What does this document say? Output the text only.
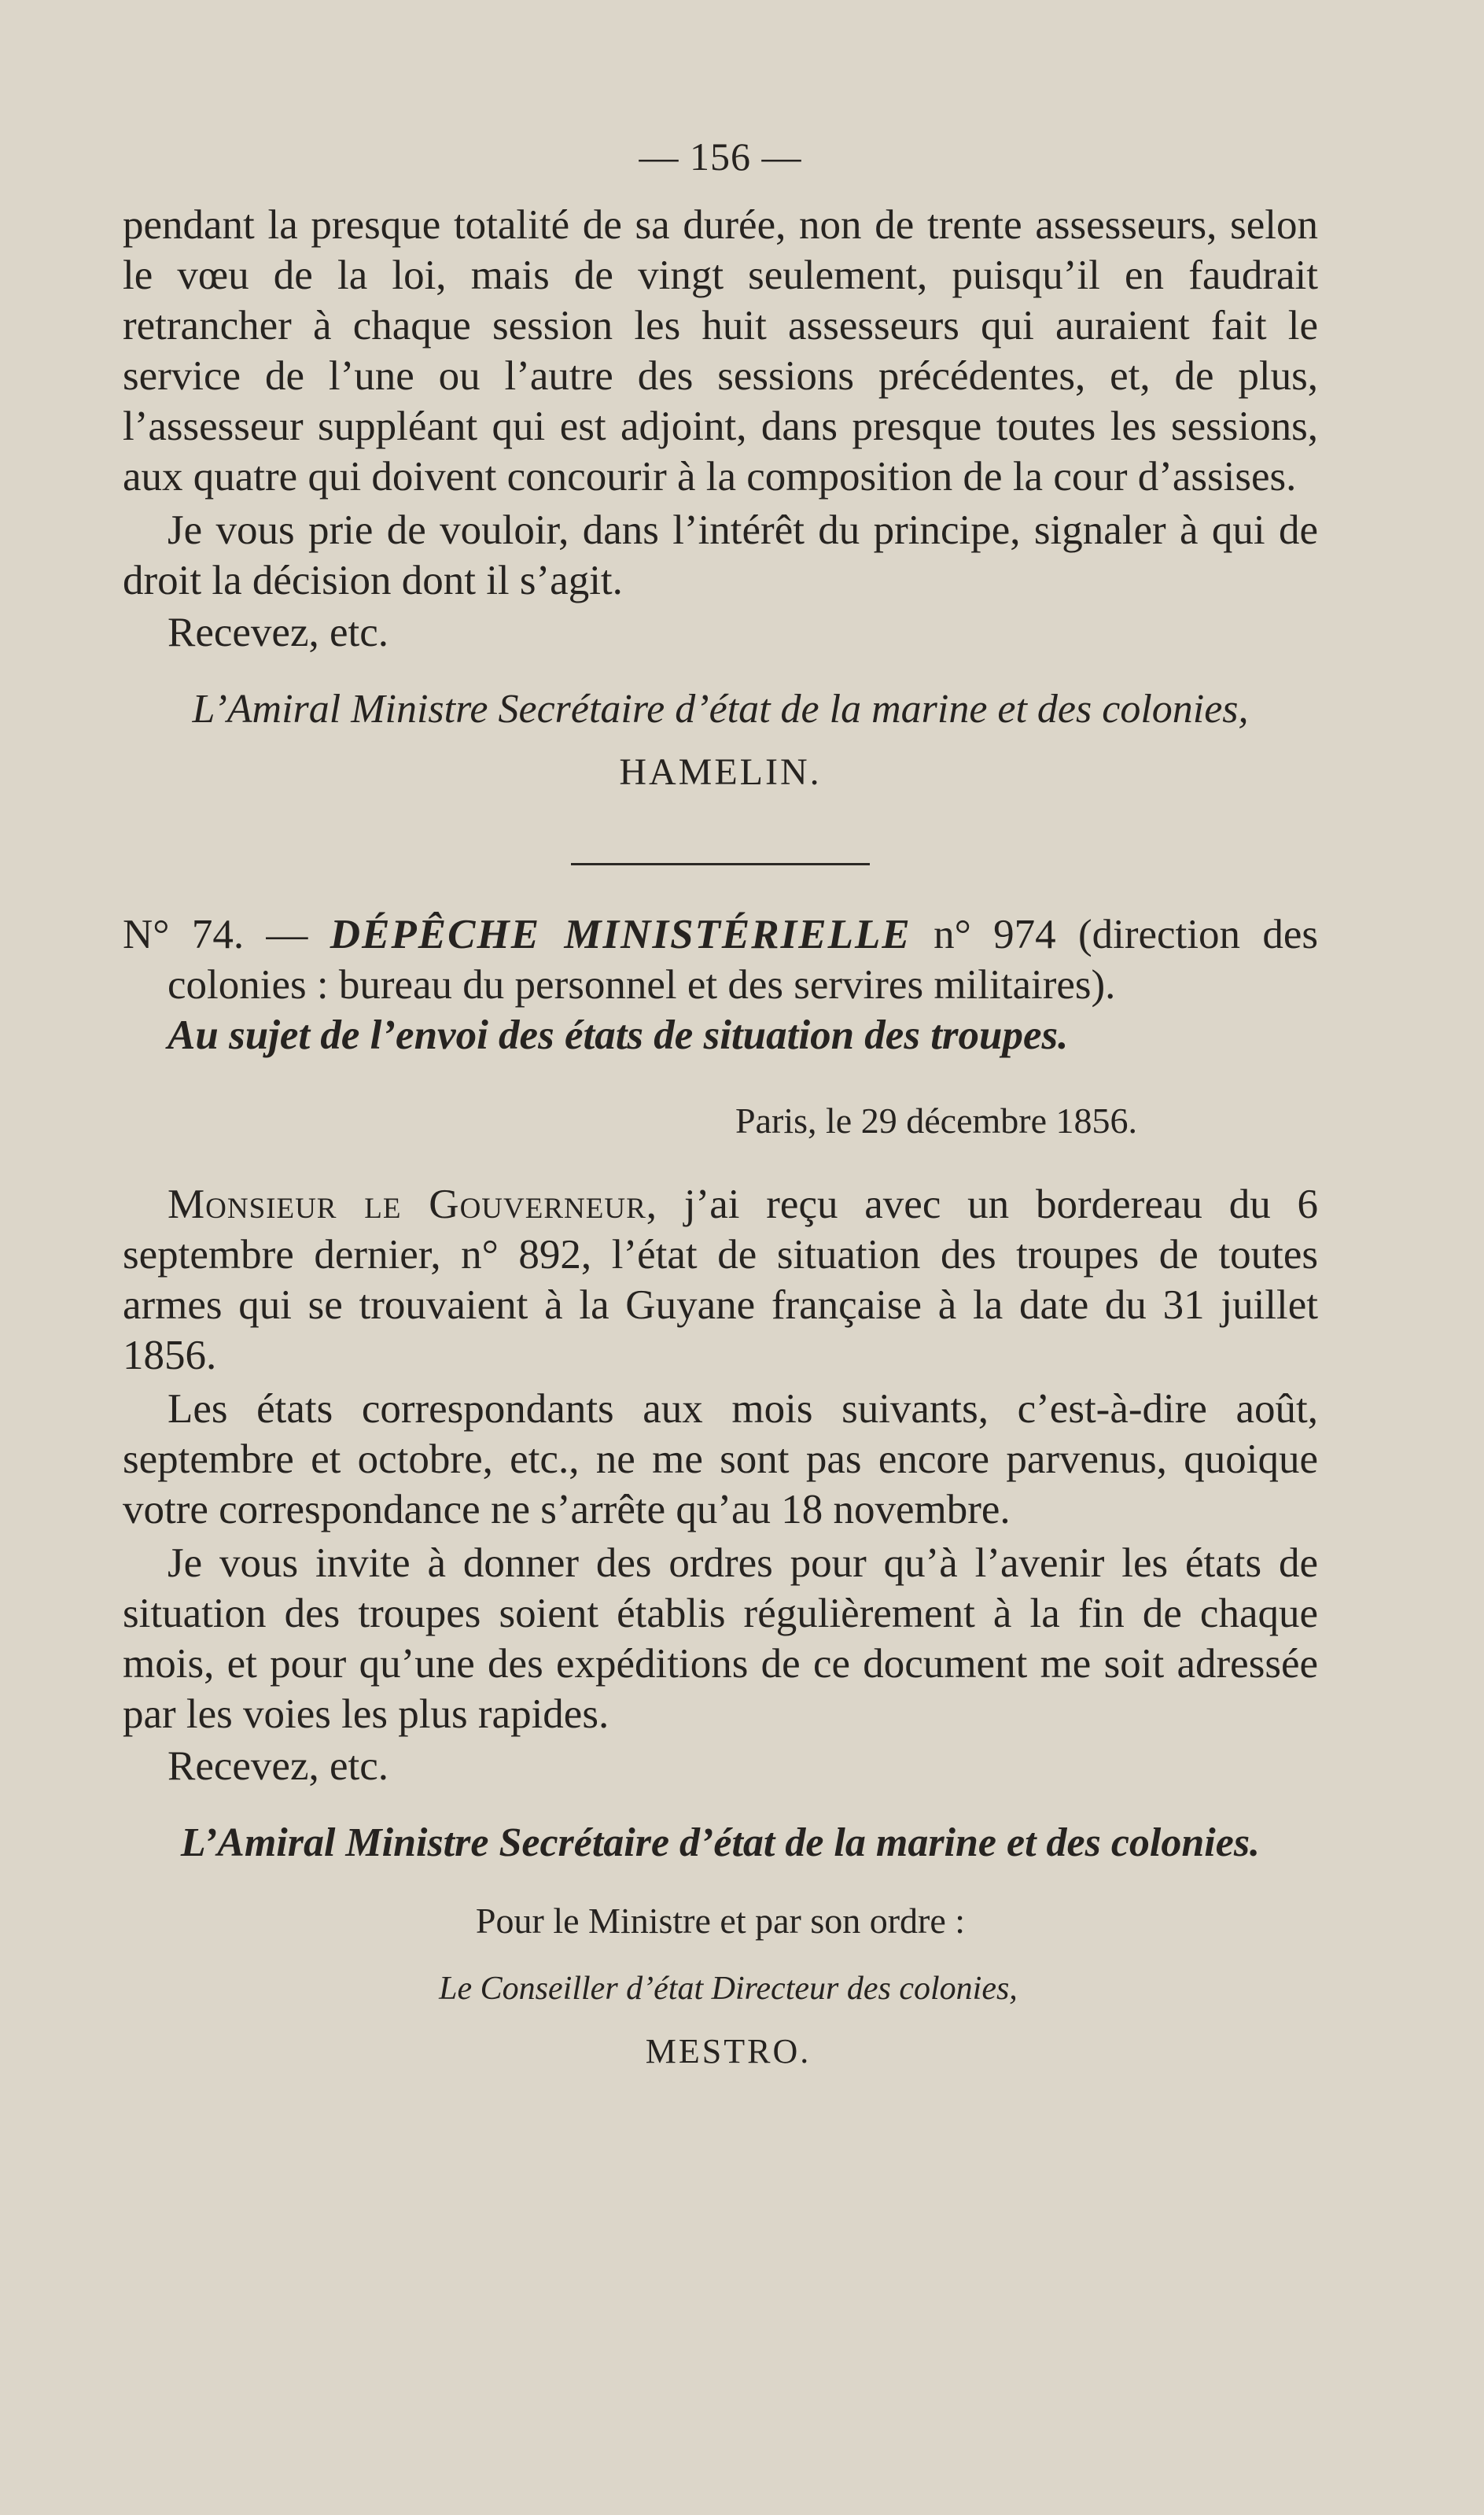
— 156 —

pendant la presque totalité de sa durée, non de trente assesseurs, selon le vœu de la loi, mais de vingt seulement, puisqu’il en faudrait retrancher à chaque session les huit assesseurs qui auraient fait le service de l’une ou l’autre des sessions précédentes, et, de plus, l’assesseur suppléant qui est adjoint, dans presque toutes les sessions, aux quatre qui doivent concourir à la composition de la cour d’assises.

Je vous prie de vouloir, dans l’intérêt du principe, signaler à qui de droit la décision dont il s’agit.

Recevez, etc.

L’Amiral Ministre Secrétaire d’état de la marine et des colonies,

HAMELIN.

N° 74. — DÉPÊCHE MINISTÉRIELLE n° 974 (direction des colonies : bureau du personnel et des servires militaires).
Au sujet de l’envoi des états de situation des troupes.

Paris, le 29 décembre 1856.

Monsieur le Gouverneur, j’ai reçu avec un bordereau du 6 septembre dernier, n° 892, l’état de situation des troupes de toutes armes qui se trouvaient à la Guyane française à la date du 31 juillet 1856.

Les états correspondants aux mois suivants, c’est-à-dire août, septembre et octobre, etc., ne me sont pas encore parvenus, quoique votre correspondance ne s’arrête qu’au 18 novembre.

Je vous invite à donner des ordres pour qu’à l’avenir les états de situation des troupes soient établis régulièrement à la fin de chaque mois, et pour qu’une des expéditions de ce document me soit adressée par les voies les plus rapides.

Recevez, etc.

L’Amiral Ministre Secrétaire d’état de la marine et des colonies.

Pour le Ministre et par son ordre :

Le Conseiller d’état Directeur des colonies,

MESTRO.
